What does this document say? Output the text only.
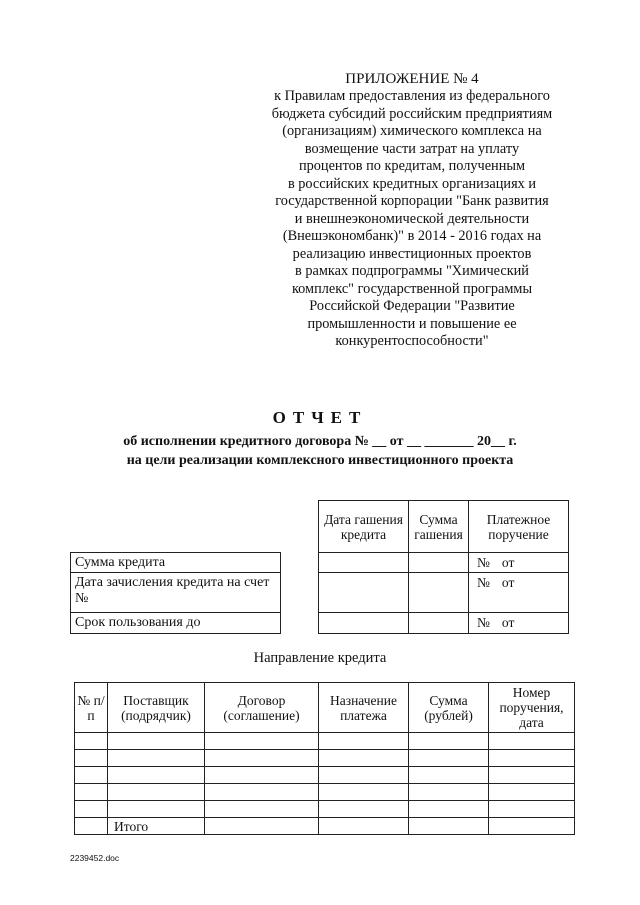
ПРИЛОЖЕНИЕ № 4
к Правилам предоставления из федерального
бюджета субсидий российским предприятиям
(организациям) химического комплекса на
возмещение части затрат на уплату
процентов по кредитам, полученным
в российских кредитных организациях и
государственной корпорации "Банк развития
и внешнеэкономической деятельности
(Внешэкономбанк)" в 2014 - 2016 годах на
реализацию инвестиционных проектов
в рамках подпрограммы "Химический
комплекс" государственной программы
Российской Федерации "Развитие
промышленности и повышение ее
конкурентоспособности"
ОТЧЕТ
об исполнении кредитного договора № __ от __ _______ 20__ г.
на цели реализации комплексного инвестиционного проекта
		Дата гашения кредита	Сумма гашения	Платежное поручение
Сумма кредита				№ от
Дата зачисления кредита на счет №				№ от
Срок пользования до				№ от
Направление кредита
№ п/п	Поставщик (подрядчик)	Договор (соглашение)	Назначение платежа	Сумма (рублей)	Номер поручения, дата

	Итого				
2239452.doc
